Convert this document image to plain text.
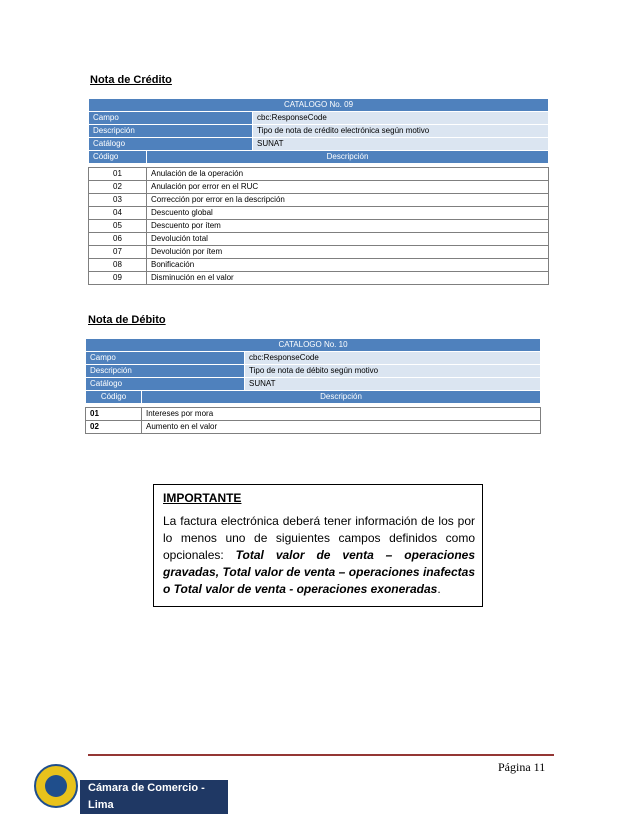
Nota de Crédito
CATALOGO No. 09		
Campo		cbc:ResponseCode
Descripción		Tipo de nota de crédito electrónica según motivo
Catálogo		SUNAT
Código	Descripción	
01	Anulación de la operación
02	Anulación por error en el RUC
03	Corrección por error en la descripción
04	Descuento global
05	Descuento por ítem
06	Devolución total
07	Devolución por ítem
08	Bonificación
09	Disminución en el valor
Nota de Débito
CATALOGO No. 10		
Campo		cbc:ResponseCode
Descripción		Tipo de nota de débito según motivo
Catálogo		SUNAT
Código	Descripción	
01	Intereses por mora
02	Aumento en el valor
IMPORTANTE
La factura electrónica deberá tener información de los por lo menos uno de siguientes campos definidos como opcionales: Total valor de venta – operaciones gravadas, Total valor de venta – operaciones inafectas o Total valor de venta - operaciones exoneradas.
Página 11
Cámara de Comercio - Lima
